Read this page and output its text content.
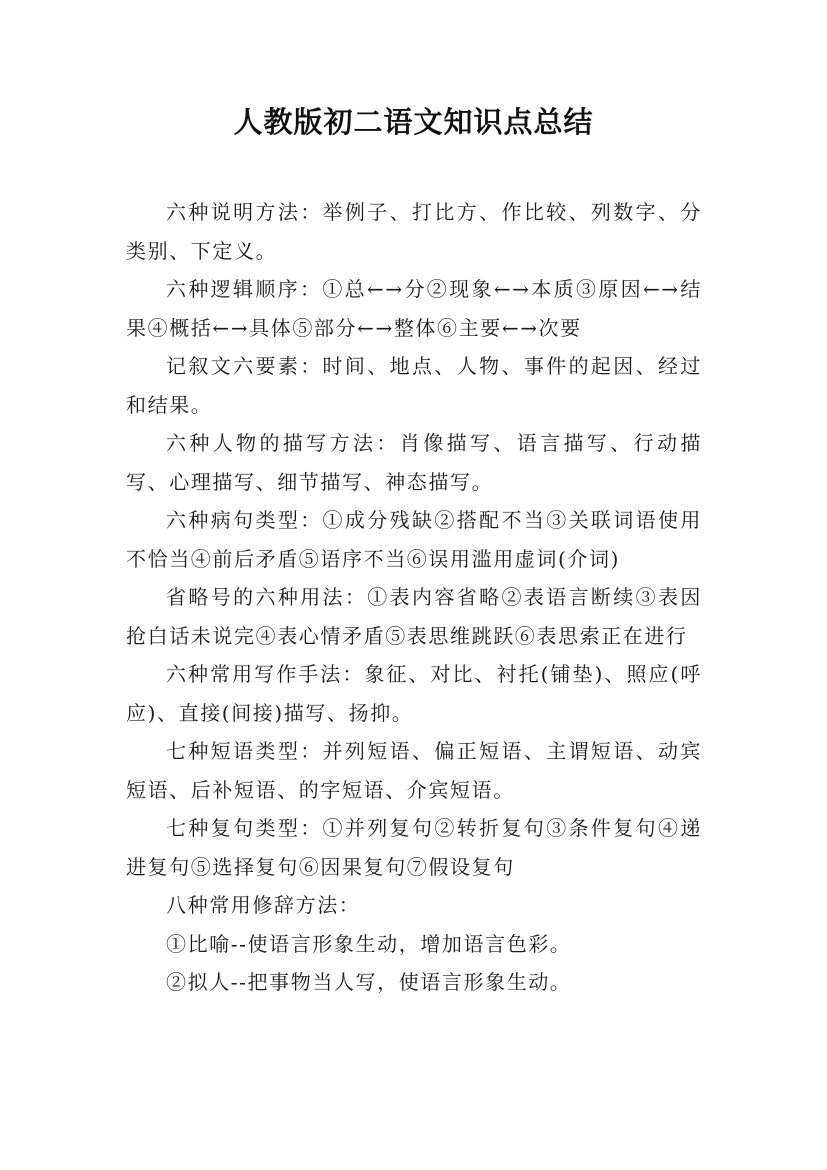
人教版初二语文知识点总结

六种说明方法：举例子、打比方、作比较、列数字、分类别、下定义。

六种逻辑顺序：①总←→分②现象←→本质③原因←→结果④概括←→具体⑤部分←→整体⑥主要←→次要

记叙文六要素：时间、地点、人物、事件的起因、经过和结果。

六种人物的描写方法：肖像描写、语言描写、行动描写、心理描写、细节描写、神态描写。

六种病句类型：①成分残缺②搭配不当③关联词语使用不恰当④前后矛盾⑤语序不当⑥误用滥用虚词(介词)

省略号的六种用法：①表内容省略②表语言断续③表因抢白话未说完④表心情矛盾⑤表思维跳跃⑥表思索正在进行

六种常用写作手法：象征、对比、衬托(铺垫)、照应(呼应)、直接(间接)描写、扬抑。

七种短语类型：并列短语、偏正短语、主谓短语、动宾短语、后补短语、的字短语、介宾短语。

七种复句类型：①并列复句②转折复句③条件复句④递进复句⑤选择复句⑥因果复句⑦假设复句

八种常用修辞方法：

①比喻--使语言形象生动，增加语言色彩。

②拟人--把事物当人写，使语言形象生动。
